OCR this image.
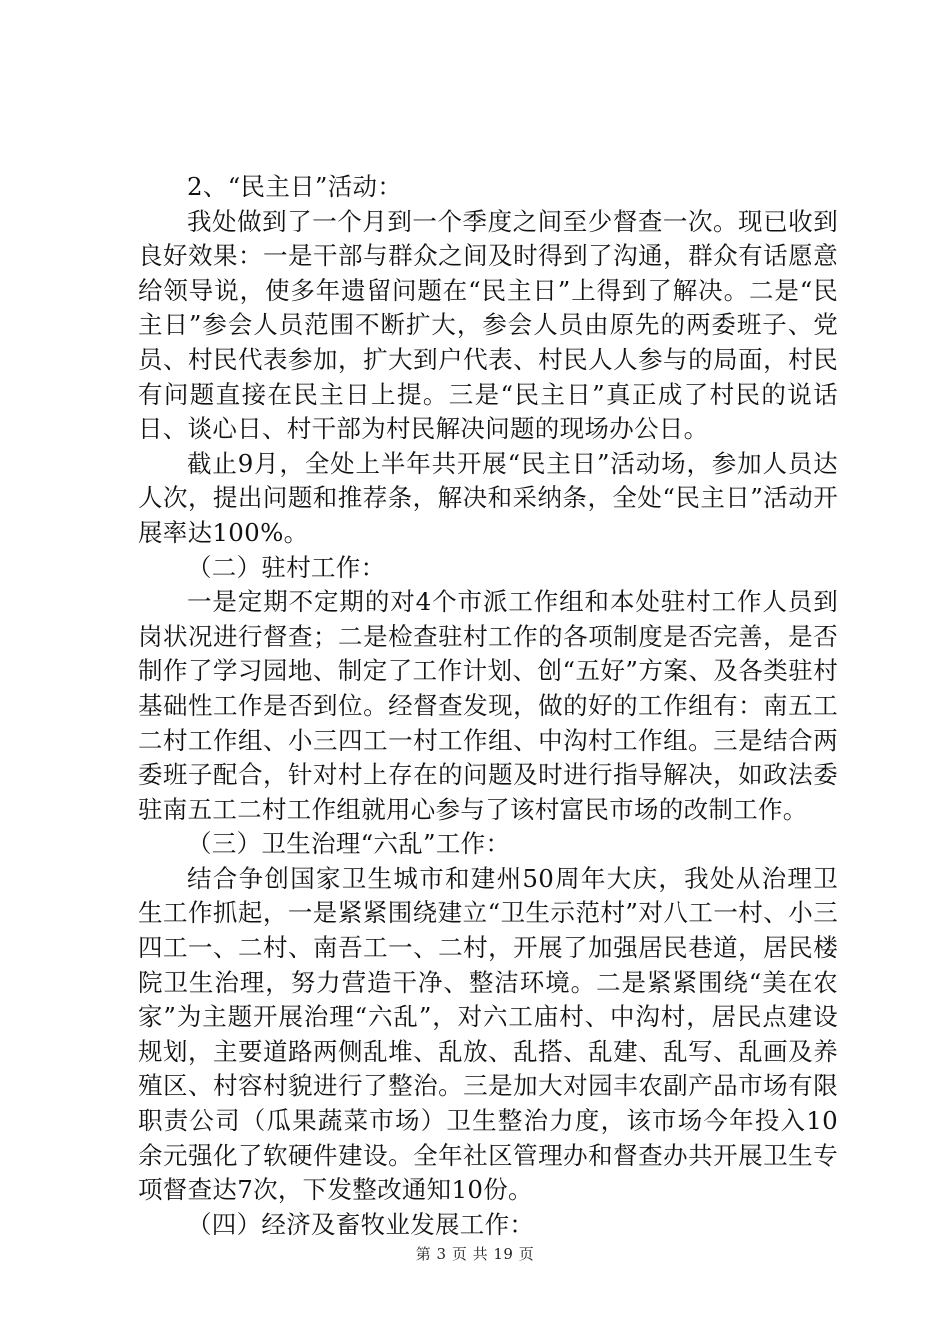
2、“民主日”活动：

我处做到了一个月到一个季度之间至少督查一次。现已收到良好效果：一是干部与群众之间及时得到了沟通，群众有话愿意给领导说，使多年遗留问题在“民主日”上得到了解决。二是“民主日”参会人员范围不断扩大，参会人员由原先的两委班子、党员、村民代表参加，扩大到户代表、村民人人参与的局面，村民有问题直接在民主日上提。三是“民主日”真正成了村民的说话日、谈心日、村干部为村民解决问题的现场办公日。

截止9月，全处上半年共开展“民主日”活动场，参加人员达人次，提出问题和推荐条，解决和采纳条，全处“民主日”活动开展率达100%。

（二）驻村工作：

一是定期不定期的对4个市派工作组和本处驻村工作人员到岗状况进行督查；二是检查驻村工作的各项制度是否完善，是否制作了学习园地、制定了工作计划、创“五好”方案、及各类驻村基础性工作是否到位。经督查发现，做的好的工作组有：南五工二村工作组、小三四工一村工作组、中沟村工作组。三是结合两委班子配合，针对村上存在的问题及时进行指导解决，如政法委驻南五工二村工作组就用心参与了该村富民市场的改制工作。

（三）卫生治理“六乱”工作：

结合争创国家卫生城市和建州50周年大庆，我处从治理卫生工作抓起，一是紧紧围绕建立“卫生示范村”对八工一村、小三四工一、二村、南吾工一、二村，开展了加强居民巷道，居民楼院卫生治理，努力营造干净、整洁环境。二是紧紧围绕“美在农家”为主题开展治理“六乱”，对六工庙村、中沟村，居民点建设规划，主要道路两侧乱堆、乱放、乱搭、乱建、乱写、乱画及养殖区、村容村貌进行了整治。三是加大对园丰农副产品市场有限职责公司（瓜果蔬菜市场）卫生整治力度，该市场今年投入10余元强化了软硬件建设。全年社区管理办和督查办共开展卫生专项督查达7次，下发整改通知10份。

（四）经济及畜牧业发展工作：

第 3 页 共 19 页
